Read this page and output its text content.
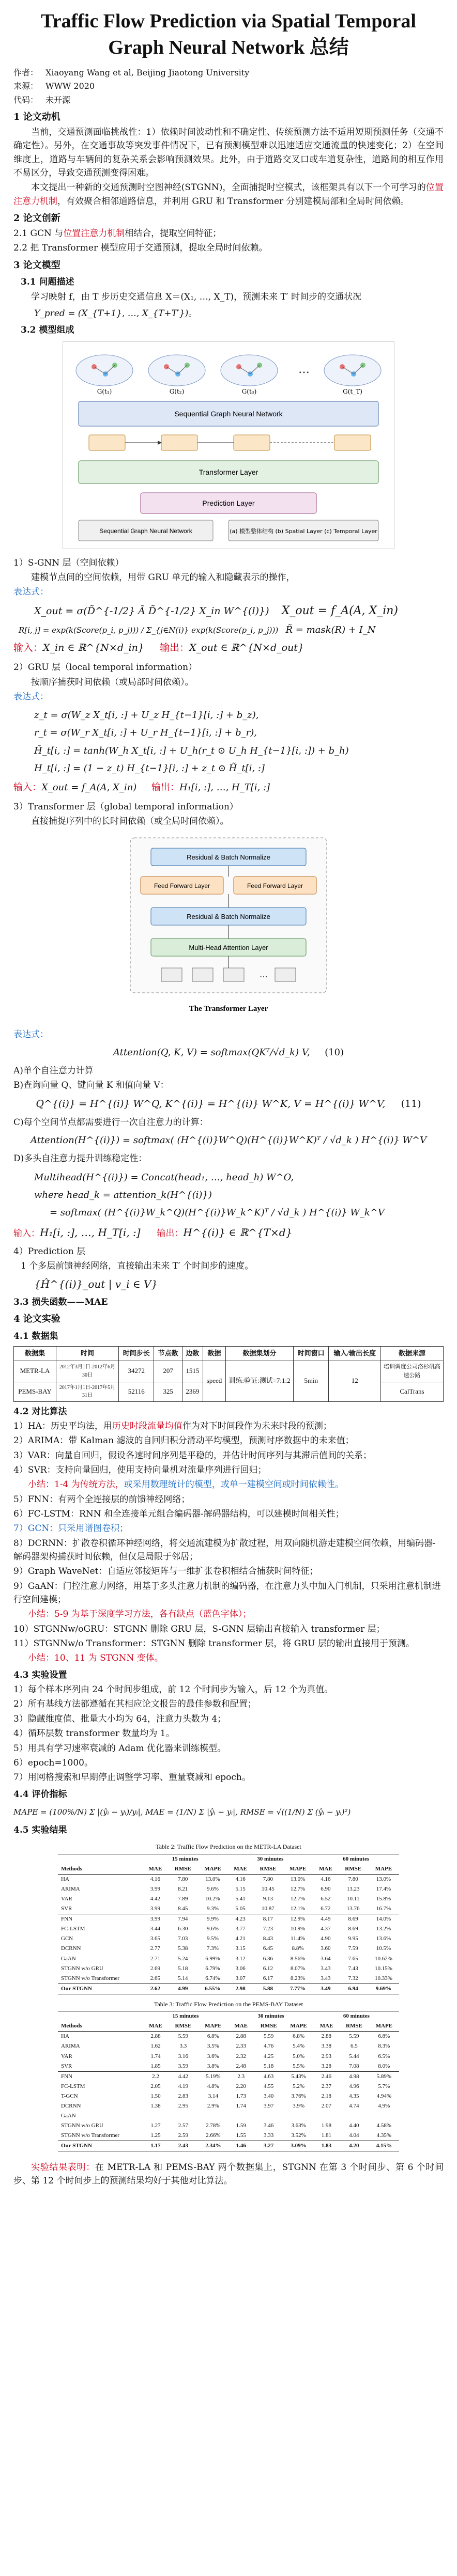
Traffic Flow Prediction via Spatial Temporal Graph Neural Network 总结
作者： Xiaoyang Wang et al, Beijing Jiaotong University
来源： WWW 2020
代码： 未开源
1 论文动机

当前，交通预测面临挑战性：1）依赖时间波动性和不确定性、传统预测方法不适用短期预测任务（交通不确定性）。另外，在交通事故等突发事件情况下，已有预测模型难以迅速适应交通流量的快速变化；2）在空间维度上，道路与车辆间的复杂关系会影响预测效果。此外，由于道路交叉口或车道复杂性，道路间的相互作用不易区分，导致交通预测变得困难。

本文提出一种新的交通预测时空图神经(STGNN)，全面捕捉时空模式，该框架具有以下一个可学习的位置注意力机制，有效聚合相邻道路信息，并利用 GRU 和 Transformer 分别建模局部和全局时间依赖。

2 论文创新
2.1 GCN 与位置注意力机制相结合，提取空间特征；
2.2 把 Transformer 模型应用于交通预测，提取全局时间依赖。
3 论文模型
3.1 问题描述

学习映射 f，由 T 步历史交通信息 X＝(X₁, …, X_T)，预测未来 T′ 时间步的交通状况

Y_pred = (X_{T+1}, …, X_{T+T′})。
3.2 模型组成
…
G(t₁)	G(t₂)	G(t₃)	G(t_T)
Sequential Graph Neural Network
Transformer Layer
Prediction Layer
Sequential Graph Neural Network	(a) 模型整体结构 (b) Spatial Layer (c) Temporal Layer
1）S-GNN 层（空间依赖）

建模节点间的空间依赖，用带 GRU 单元的输入和隐藏表示的操作，

表达式：
X_out = σ(D̃^{-1/2} Ã D̃^{-1/2} X_in W^{(l)}) X_out = f_A(A, X_in)
R[i, j] = exp(k(Score(p_i, p_j))) / Σ_{j∈N(i)} exp(k(Score(p_i, p_j))) R̃ = mask(R) + I_N
输入：X_in ∈ ℝ^{N×d_in} 输出：X_out ∈ ℝ^{N×d_out}
2）GRU 层（local temporal information）

按顺序捕获时间依赖（或局部时间依赖）。

表达式：
z_t = σ(W_z X_t[i, :] + U_z H_{t−1}[i, :] + b_z),
r_t = σ(W_r X_t[i, :] + U_r H_{t−1}[i, :] + b_r),
H̃_t[i, :] = tanh(W_h X_t[i, :] + U_h(r_t ⊙ U_h H_{t−1}[i, :]) + b_h)
H_t[i, :] = (1 − z_t) H_{t−1}[i, :] + z_t ⊙ H̃_t[i, :]
输入：X_out = f_A(A, X_in) 输出：H₁[i, :], …, H_T[i, :]
3）Transformer 层（global temporal information）

直接捕捉序列中的长时间依赖（或全局时间依赖）。

Residual & Batch Normalize
Feed Forward Layer	Feed Forward Layer
Residual & Batch Normalize
Multi-Head Attention Layer
…
The Transformer Layer
表达式：
Attention(Q, K, V) = softmax(QKᵀ/√d_k) V, (10)
A)单个自注意力计算
B)查询向量 Q、键向量 K 和值向量 V：
Q^{(i)} = H^{(i)} W^Q, K^{(i)} = H^{(i)} W^K, V = H^{(i)} W^V, (11)
C)每个空间节点都需要进行一次自注意力的计算：
Attention(H^{(i)}) = softmax( (H^{(i)}W^Q)(H^{(i)}W^K)ᵀ / √d_k ) H^{(i)} W^V
D)多头自注意力提升训练稳定性：
Multihead(H^{(i)}) = Concat(head₁, …, head_h) W^O,
where head_k = attention_k(H^{(i)})
= softmax( (H^{(i)}W_k^Q)(H^{(i)}W_k^K)ᵀ / √d_k ) H^{(i)} W_k^V
输入：H₁[i, :], …, H_T[i, :] 输出：H^{(i)} ∈ ℝ^{T×d}
4）Prediction 层
1 个多层前馈神经网络，直接输出未来 T′ 个时间步的速度。
{Ĥ^{(i)}_out | v_i ∈ V}
3.3 损失函数——MAE
4 论文实验
4.1 数据集
数据集	时间	时间步长	节点数	边数	数据	数据集划分	时间窗口	输入/输出长度	数据来源
METR-LA	2012年3月1日-2012年6月30日	34272	207	1515	speed	训练:验证:测试=7:1:2	5min	12	培训调度公司洛杉矶高速公路
PEMS-BAY	2017年1月1日-2017年5月31日	52116	325	2369					CalTrans
4.2 对比算法
1）HA：历史平均法，用历史时段流量均值作为对下时间段作为未来时段的预测；
2）ARIMA：带 Kalman 滤波的自回归积分滑动平均模型，预测时序数据中的未来值；
3）VAR：向量自回归，假设各速时间序列是平稳的，并估计时间序列与其滞后值间的关系；
4）SVR：支持向量回归，使用支持向量机对流量序列进行回归；
小结：1-4 为传统方法，或采用数理统计的模型，或单一建模空间或时间依赖性。
5）FNN：有两个全连接层的前馈神经网络；
6）FC-LSTM：RNN 和全连接单元组合编码器-解码器结构，可以建模时间相关性；
7）GCN：只采用谱图卷积；
8）DCRNN：扩散卷积循环神经网络，将交通流建模为扩散过程，用双向随机游走建模空间依赖，用编码器-解码器架构捕获时间依赖，但仅是局限于邻居；
9）Graph WaveNet：自适应邻接矩阵与一维扩张卷积相结合捕获时间特征；
9）GaAN：门控注意力网络，用基于多头注意力机制的编码器，在注意力头中加入门机制，只采用注意机制进行空间建模；
小结：5-9 为基于深度学习方法，各有缺点（蓝色字体）；
10）STGNNw/oGRU：STGNN 删除 GRU 层，S-GNN 层输出直接输入 transformer 层；
11）STGNNw/o Transformer：STGNN 删除 transformer 层，将 GRU 层的输出直接用于预测。
小结：10、11 为 STGNN 变体。
4.3 实验设置
1）每个样本序列由 24 个时间步组成，前 12 个时间步为输入，后 12 个为真值。
2）所有基线方法都遵循在其相应论文报告的最佳参数和配置；
3）隐藏维度值、批量大小均为 64，注意力头数为 4；
4）循环层数 transformer 数量均为 1。
5）用具有学习速率衰减的 Adam 优化器来训练模型。
6）epoch=1000。
7）用网格搜索和早期停止调整学习率、重量衰减和 epoch。
4.4 评价指标
MAPE = (100%/N) Σ |(ŷᵢ − yᵢ)/yᵢ|, MAE = (1/N) Σ |ŷᵢ − yᵢ|, RMSE = √((1/N) Σ (ŷᵢ − yᵢ)²)
4.5 实验结果
Table 2: Traffic Flow Prediction on the METR-LA Dataset
	15 minutes			30 minutes			60 minutes		
Methods	MAE	RMSE	MAPE	MAE	RMSE	MAPE	MAE	RMSE	MAPE
HA	4.16	7.80	13.0%	4.16	7.80	13.0%	4.16	7.80	13.0%
ARIMA	3.99	8.21	9.6%	5.15	10.45	12.7%	6.90	13.23	17.4%
VAR	4.42	7.89	10.2%	5.41	9.13	12.7%	6.52	10.11	15.8%
SVR	3.99	8.45	9.3%	5.05	10.87	12.1%	6.72	13.76	16.7%
FNN	3.99	7.94	9.9%	4.23	8.17	12.9%	4.49	8.69	14.0%
FC-LSTM	3.44	6.30	9.6%	3.77	7.23	10.9%	4.37	8.69	13.2%
GCN	3.65	7.03	9.5%	4.21	8.43	11.4%	4.90	9.95	13.6%
DCRNN	2.77	5.38	7.3%	3.15	6.45	8.8%	3.60	7.59	10.5%
GaAN	2.71	5.24	6.99%	3.12	6.36	8.56%	3.64	7.65	10.62%
STGNN w/o GRU	2.69	5.18	6.79%	3.06	6.12	8.07%	3.43	7.43	10.15%
STGNN w/o Transformer	2.65	5.14	6.74%	3.07	6.17	8.23%	3.43	7.32	10.33%
Our STGNN	2.62	4.99	6.55%	2.98	5.88	7.77%	3.49	6.94	9.69%
Table 3: Traffic Flow Prediction on the PEMS-BAY Dataset
	15 minutes			30 minutes			60 minutes		
Methods	MAE	RMSE	MAPE	MAE	RMSE	MAPE	MAE	RMSE	MAPE
HA	2.88	5.59	6.8%	2.88	5.59	6.8%	2.88	5.59	6.8%
ARIMA	1.62	3.3	3.5%	2.33	4.76	5.4%	3.38	6.5	8.3%
VAR	1.74	3.16	3.6%	2.32	4.25	5.0%	2.93	5.44	6.5%
SVR	1.85	3.59	3.8%	2.48	5.18	5.5%	3.28	7.08	8.0%
FNN	2.2	4.42	5.19%	2.3	4.63	5.43%	2.46	4.98	5.89%
FC-LSTM	2.05	4.19	4.8%	2.20	4.55	5.2%	2.37	4.96	5.7%
T-GCN	1.50	2.83	3.14	1.73	3.40	3.76%	2.18	4.35	4.94%
DCRNN	1.38	2.95	2.9%	1.74	3.97	3.9%	2.07	4.74	4.9%
GaAN									
STGNN w/o GRU	1.27	2.57	2.78%	1.59	3.46	3.63%	1.98	4.40	4.58%
STGNN w/o Transformer	1.25	2.59	2.66%	1.55	3.33	3.52%	1.81	4.04	4.35%
Our STGNN	1.17	2.43	2.34%	1.46	3.27	3.09%	1.83	4.20	4.15%

实验结果表明：在 METR-LA 和 PEMS-BAY 两个数据集上，STGNN 在第 3 个时间步、第 6 个时间步、第 12 个时间步上的预测结果均好于其他对比算法。
